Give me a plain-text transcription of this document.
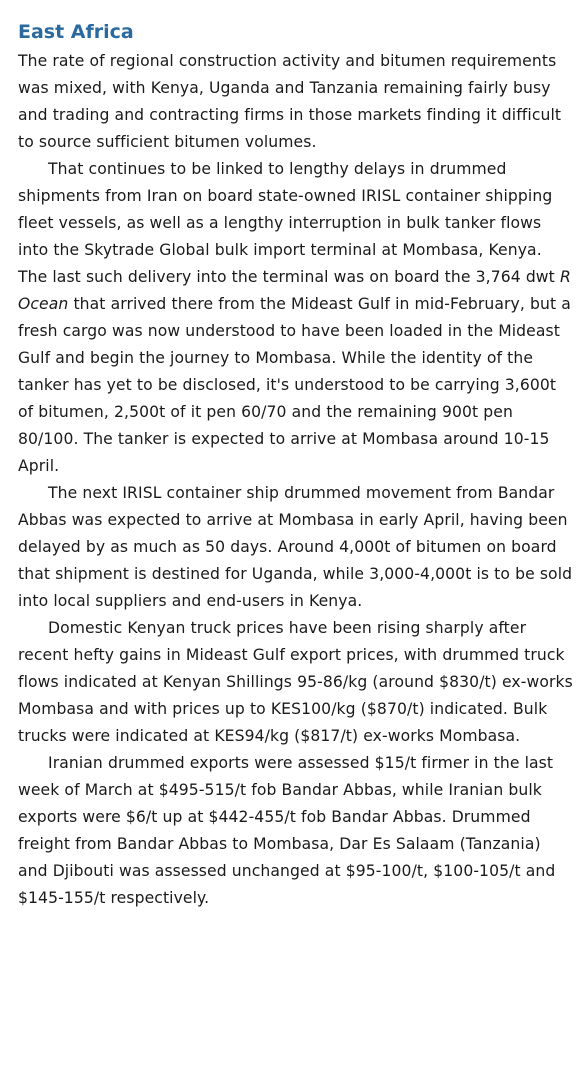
East Africa

The rate of regional construction activity and bitumen requirements was mixed, with Kenya, Uganda and Tanzania remaining fairly busy and trading and contracting firms in those markets finding it difficult to source sufficient bitumen volumes.

That continues to be linked to lengthy delays in drummed shipments from Iran on board state-owned IRISL container shipping fleet vessels, as well as a lengthy interruption in bulk tanker flows into the Skytrade Global bulk import terminal at Mombasa, Kenya. The last such delivery into the terminal was on board the 3,764 dwt R Ocean that arrived there from the Mideast Gulf in mid-February, but a fresh cargo was now understood to have been loaded in the Mideast Gulf and begin the journey to Mombasa. While the identity of the tanker has yet to be disclosed, it's understood to be carrying 3,600t of bitumen, 2,500t of it pen 60/70 and the remaining 900t pen 80/100. The tanker is expected to arrive at Mombasa around 10-15 April.

The next IRISL container ship drummed movement from Bandar Abbas was expected to arrive at Mombasa in early April, having been delayed by as much as 50 days. Around 4,000t of bitumen on board that shipment is destined for Uganda, while 3,000-4,000t is to be sold into local suppliers and end-users in Kenya.

Domestic Kenyan truck prices have been rising sharply after recent hefty gains in Mideast Gulf export prices, with drummed truck flows indicated at Kenyan Shillings 95-86/kg (around $830/t) ex-works Mombasa and with prices up to KES100/kg ($870/t) indicated. Bulk trucks were indicated at KES94/kg ($817/t) ex-works Mombasa.

Iranian drummed exports were assessed $15/t firmer in the last week of March at $495-515/t fob Bandar Abbas, while Iranian bulk exports were $6/t up at $442-455/t fob Bandar Abbas. Drummed freight from Bandar Abbas to Mombasa, Dar Es Salaam (Tanzania) and Djibouti was assessed unchanged at $95-100/t, $100-105/t and $145-155/t respectively.
